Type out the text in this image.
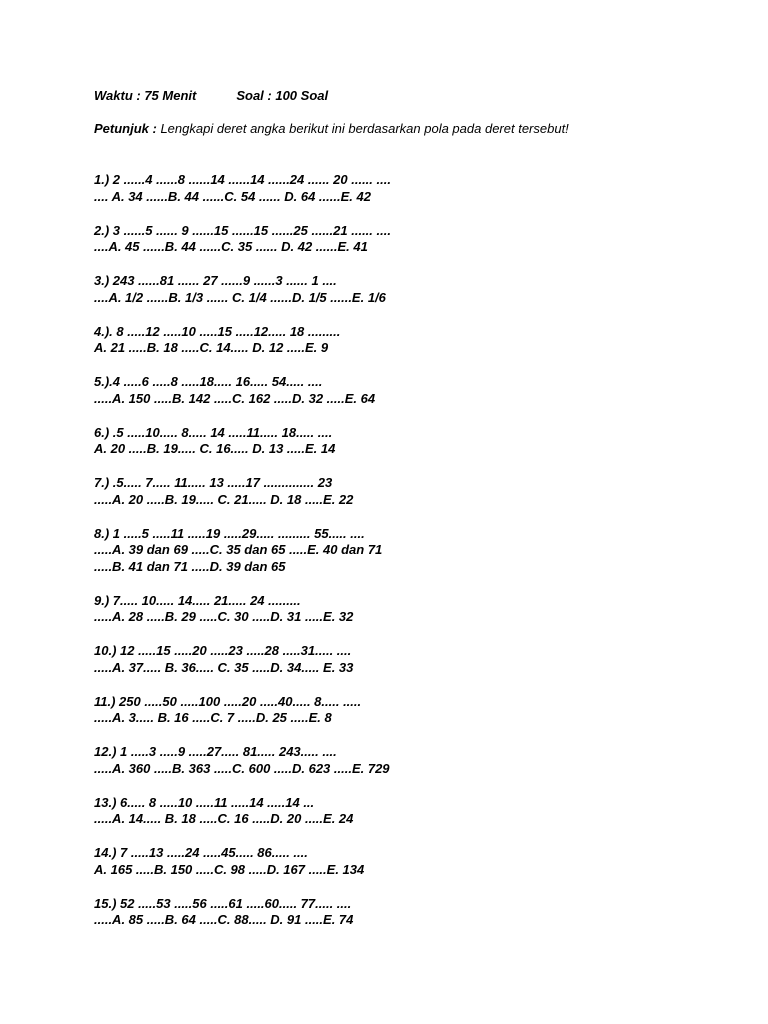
Waktu : 75 Menit	Soal : 100 Soal
Petunjuk : Lengkapi deret angka berikut ini berdasarkan pola pada deret tersebut!
1.) 2 ......4 ......8 ......14 ......14 ......24 ...... 20 ...... ....
.... A. 34 ......B. 44 ......C. 54 ...... D. 64 ......E. 42
2.) 3 ......5 ...... 9 ......15 ......15 ......25 ......21 ...... ....
....A. 45 ......B. 44 ......C. 35 ...... D. 42 ......E. 41
3.) 243 ......81 ...... 27 ......9 ......3 ...... 1 ....
....A. 1/2 ......B. 1/3 ...... C. 1/4 ......D. 1/5 ......E. 1/6
4.). 8 .....12 .....10 .....15 .....12..... 18 .........
A. 21 .....B. 18 .....C. 14..... D. 12 .....E. 9
5.).4 .....6 .....8 .....18..... 16..... 54..... ....
.....A. 150 .....B. 142 .....C. 162 .....D. 32 .....E. 64
6.) .5 .....10..... 8..... 14 .....11..... 18..... ....
A. 20 .....B. 19..... C. 16..... D. 13 .....E. 14
7.) .5..... 7..... 11..... 13 .....17 .............. 23
.....A. 20 .....B. 19..... C. 21..... D. 18 .....E. 22
8.) 1 .....5 .....11 .....19 .....29..... ......... 55..... ....
.....A. 39 dan 69 .....C. 35 dan 65 .....E. 40 dan 71
.....B. 41 dan 71 .....D. 39 dan 65
9.) 7..... 10..... 14..... 21..... 24 .........
.....A. 28 .....B. 29 .....C. 30 .....D. 31 .....E. 32
10.) 12 .....15 .....20 .....23 .....28 .....31..... ....
.....A. 37..... B. 36..... C. 35 .....D. 34..... E. 33
11.) 250 .....50 .....100 .....20 .....40..... 8..... .....
.....A. 3..... B. 16 .....C. 7 .....D. 25 .....E. 8
12.) 1 .....3 .....9 .....27..... 81..... 243..... ....
.....A. 360 .....B. 363 .....C. 600 .....D. 623 .....E. 729
13.) 6..... 8 .....10 .....11 .....14 .....14 ...
.....A. 14..... B. 18 .....C. 16 .....D. 20 .....E. 24
14.) 7 .....13 .....24 .....45..... 86..... ....
A. 165 .....B. 150 .....C. 98 .....D. 167 .....E. 134
15.) 52 .....53 .....56 .....61 .....60..... 77..... ....
.....A. 85 .....B. 64 .....C. 88..... D. 91 .....E. 74
